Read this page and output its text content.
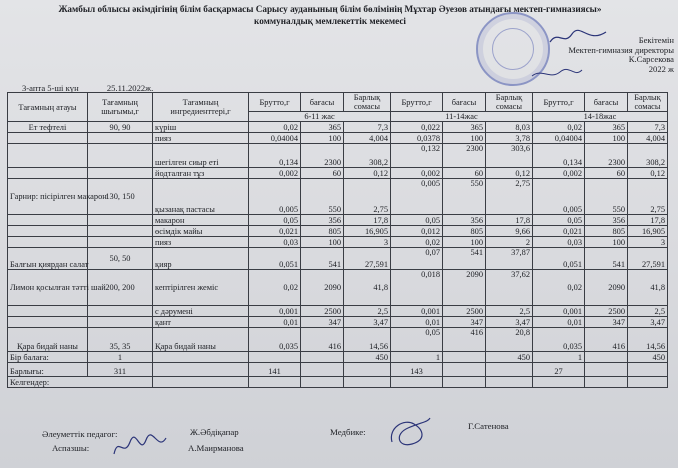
Жамбыл облысы әкімдігінің білім басқармасы Сарысу ауданының білім бөлімінің Мұхтар Әуезов атындағы мектеп-гимназиясы»
коммуналдық мемлекеттік мекемесі
Бекітемін
Мектеп-гимназия директоры
К.Сарсекова
2022 ж
3-апта 5-ші күн	25.11.2022ж.
Тағамның атауы	Тағамның шығымы,г	Тағамның ингредиенттері,г	Брутто,г	бағасы	Барлық сомасы	Брутто,г	бағасы	Барлық сомасы	Брутто,г	бағасы	Барлық сомасы
			6-11 жас			11-14жас			14-18жас		
Ет тефтелі	90, 90	күріш	0,02	365	7,3	0,022	365	8,03	0,02	365	7,3
		пияз	0,04004	100	4,004	0,0378	100	3,78	0,04004	100	4,004
		шегілген сиыр еті	0,134	2300	308,2	0,132	2300	303,6	0,134	2300	308,2
		йодталған тұз	0,002	60	0,12	0,002	60	0,12	0,002	60	0,12
Гарнир: пісірілген макарон	130, 150	қызанақ пастасы	0,005	550	2,75	0,005	550	2,75	0,005	550	2,75
		макарон	0,05	356	17,8	0,05	356	17,8	0,05	356	17,8
		өсімдік майы	0,021	805	16,905	0,012	805	9,66	0,021	805	16,905
		пияз	0,03	100	3	0,02	100	2	0,03	100	3
Балғын қиярдан салат	50, 50	қияр	0,051	541	27,591	0,07	541	37,87	0,051	541	27,591
Лимон қосылған тәтті шай	200, 200	кептірілген жеміс	0,02	2090	41,8	0,018	2090	37,62	0,02	2090	41,8
		с дәрумені	0,001	2500	2,5	0,001	2500	2,5	0,001	2500	2,5
		қант	0,01	347	3,47	0,01	347	3,47	0,01	347	3,47
Қара бидай наны	35, 35	Қара бидай наны	0,035	416	14,56	0,05	416	20,8	0,035	416	14,56
Бір балаға:	1				450	1		450	1		450
Барлығы:	311		141			143			27		
Келгендер:											
Әлеуметтік педагог:	Ж.Әбдіқапар
Аспазшы:	А.Маирманова
Медбике:
Г.Сатенова
